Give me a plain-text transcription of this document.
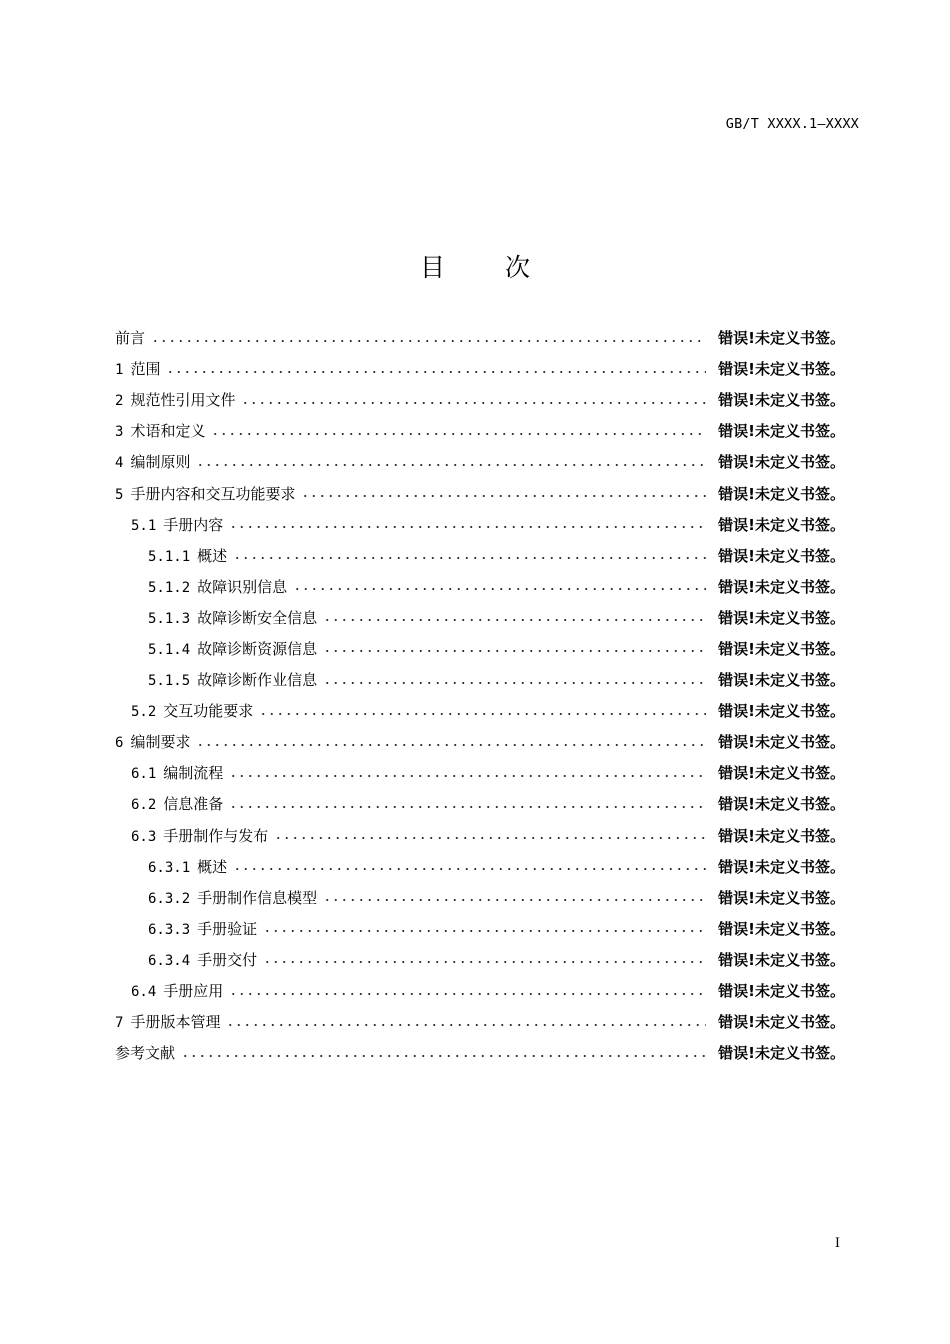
GB/T XXXX.1—XXXX
目 次
前言	错误!未定义书签。
1 范围	错误!未定义书签。
2 规范性引用文件	错误!未定义书签。
3 术语和定义	错误!未定义书签。
4 编制原则	错误!未定义书签。
5 手册内容和交互功能要求	错误!未定义书签。
5.1 手册内容	错误!未定义书签。
5.1.1 概述	错误!未定义书签。
5.1.2 故障识别信息	错误!未定义书签。
5.1.3 故障诊断安全信息	错误!未定义书签。
5.1.4 故障诊断资源信息	错误!未定义书签。
5.1.5 故障诊断作业信息	错误!未定义书签。
5.2 交互功能要求	错误!未定义书签。
6 编制要求	错误!未定义书签。
6.1 编制流程	错误!未定义书签。
6.2 信息准备	错误!未定义书签。
6.3 手册制作与发布	错误!未定义书签。
6.3.1 概述	错误!未定义书签。
6.3.2 手册制作信息模型	错误!未定义书签。
6.3.3 手册验证	错误!未定义书签。
6.3.4 手册交付	错误!未定义书签。
6.4 手册应用	错误!未定义书签。
7 手册版本管理	错误!未定义书签。
参考文献	错误!未定义书签。
I
